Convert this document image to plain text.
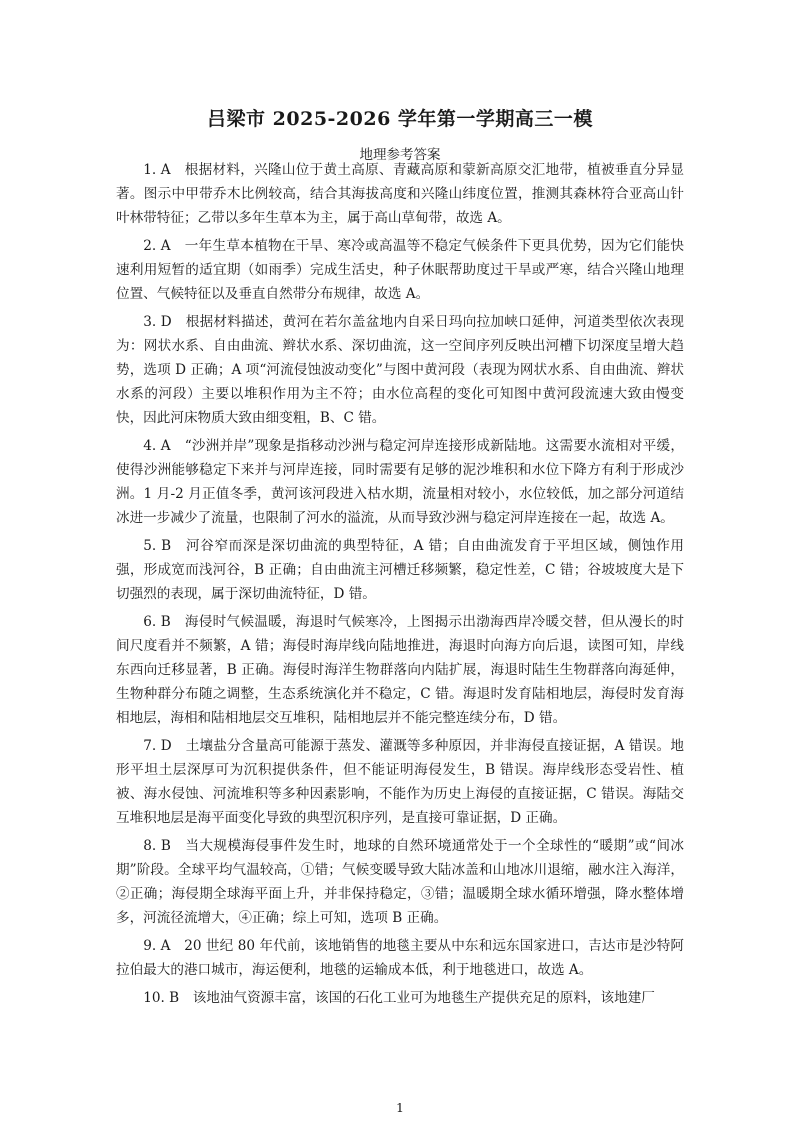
吕梁市 2025-2026 学年第一学期高三一模

地理参考答案

1. A　根据材料，兴隆山位于黄土高原、青藏高原和蒙新高原交汇地带，植被垂直分异显著。图示中甲带乔木比例较高，结合其海拔高度和兴隆山纬度位置，推测其森林符合亚高山针叶林带特征；乙带以多年生草本为主，属于高山草甸带，故选 A。

2. A　一年生草本植物在干旱、寒冷或高温等不稳定气候条件下更具优势，因为它们能快速利用短暂的适宜期（如雨季）完成生活史，种子休眠帮助度过干旱或严寒，结合兴隆山地理位置、气候特征以及垂直自然带分布规律，故选 A。

3. D　根据材料描述，黄河在若尔盖盆地内自采日玛向拉加峡口延伸，河道类型依次表现为：网状水系、自由曲流、辫状水系、深切曲流，这一空间序列反映出河槽下切深度呈增大趋势，选项 D 正确；A 项“河流侵蚀波动变化”与图中黄河段（表现为网状水系、自由曲流、辫状水系的河段）主要以堆积作用为主不符；由水位高程的变化可知图中黄河段流速大致由慢变快，因此河床物质大致由细变粗，B、C 错。

4. A　“沙洲并岸”现象是指移动沙洲与稳定河岸连接形成新陆地。这需要水流相对平缓，使得沙洲能够稳定下来并与河岸连接，同时需要有足够的泥沙堆积和水位下降方有利于形成沙洲。1 月-2 月正值冬季，黄河该河段进入枯水期，流量相对较小，水位较低，加之部分河道结冰进一步减少了流量，也限制了河水的溢流，从而导致沙洲与稳定河岸连接在一起，故选 A。

5. B　河谷窄而深是深切曲流的典型特征，A 错；自由曲流发育于平坦区域，侧蚀作用强，形成宽而浅河谷，B 正确；自由曲流主河槽迁移频繁，稳定性差，C 错；谷坡坡度大是下切强烈的表现，属于深切曲流特征，D 错。

6. B　海侵时气候温暖，海退时气候寒冷，上图揭示出渤海西岸冷暖交替，但从漫长的时间尺度看并不频繁，A 错；海侵时海岸线向陆地推进，海退时向海方向后退，读图可知，岸线东西向迁移显著，B 正确。海侵时海洋生物群落向内陆扩展，海退时陆生生物群落向海延伸，生物种群分布随之调整，生态系统演化并不稳定，C 错。海退时发育陆相地层，海侵时发育海相地层，海相和陆相地层交互堆积，陆相地层并不能完整连续分布，D 错。

7. D　土壤盐分含量高可能源于蒸发、灌溉等多种原因，并非海侵直接证据，A 错误。地形平坦土层深厚可为沉积提供条件，但不能证明海侵发生，B 错误。海岸线形态受岩性、植被、海水侵蚀、河流堆积等多种因素影响，不能作为历史上海侵的直接证据，C 错误。海陆交互堆积地层是海平面变化导致的典型沉积序列，是直接可靠证据，D 正确。

8. B　当大规模海侵事件发生时，地球的自然环境通常处于一个全球性的“暖期”或“间冰期”阶段。全球平均气温较高，①错；气候变暖导致大陆冰盖和山地冰川退缩，融水注入海洋，②正确；海侵期全球海平面上升，并非保持稳定，③错；温暖期全球水循环增强，降水整体增多，河流径流增大，④正确；综上可知，选项 B 正确。

9. A　20 世纪 80 年代前，该地销售的地毯主要从中东和远东国家进口，吉达市是沙特阿拉伯最大的港口城市，海运便利，地毯的运输成本低，利于地毯进口，故选 A。

10. B　该地油气资源丰富，该国的石化工业可为地毯生产提供充足的原料，该地建厂

1
